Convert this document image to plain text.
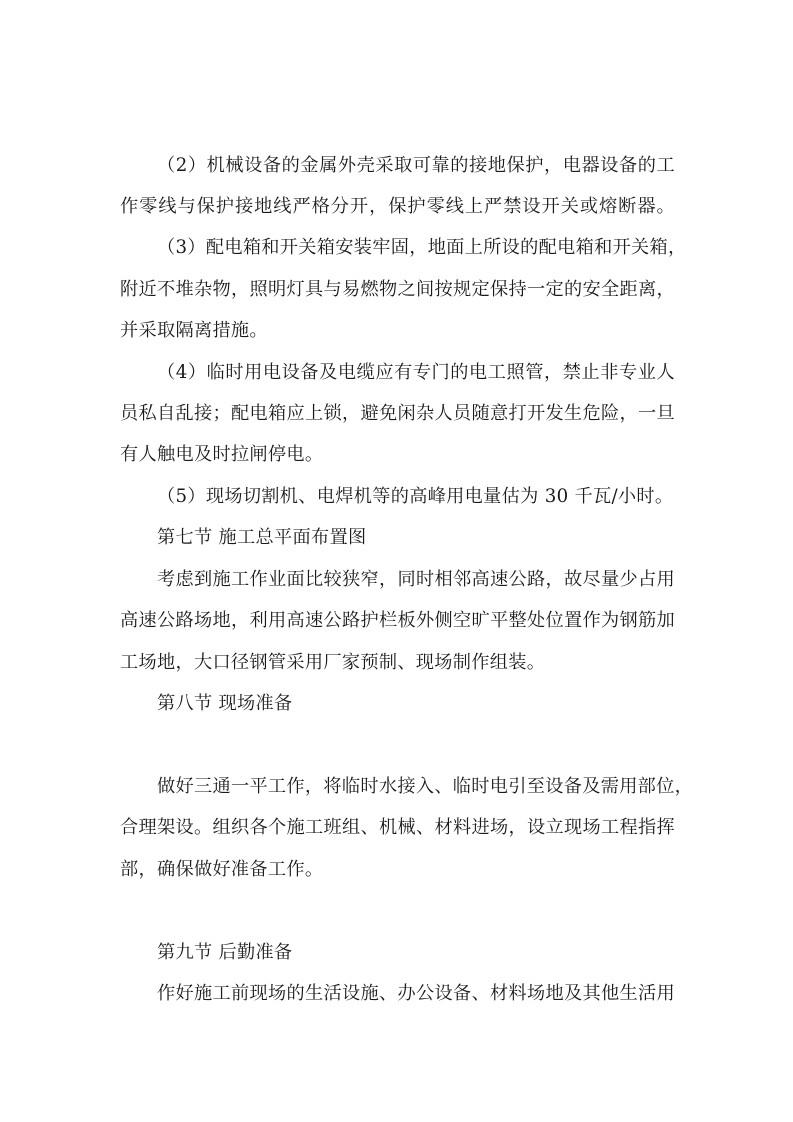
（2）机械设备的金属外壳采取可靠的接地保护，电器设备的工
作零线与保护接地线严格分开，保护零线上严禁设开关或熔断器。
（3）配电箱和开关箱安装牢固，地面上所设的配电箱和开关箱，
附近不堆杂物，照明灯具与易燃物之间按规定保持一定的安全距离，
并采取隔离措施。
（4）临时用电设备及电缆应有专门的电工照管，禁止非专业人
员私自乱接；配电箱应上锁，避免闲杂人员随意打开发生危险，一旦
有人触电及时拉闸停电。
（5）现场切割机、电焊机等的高峰用电量估为 30 千瓦/小时。
第七节 施工总平面布置图
考虑到施工作业面比较狭窄，同时相邻高速公路，故尽量少占用
高速公路场地，利用高速公路护栏板外侧空旷平整处位置作为钢筋加
工场地，大口径钢管采用厂家预制、现场制作组装。
第八节 现场准备
做好三通一平工作，将临时水接入、临时电引至设备及需用部位，
合理架设。组织各个施工班组、机械、材料进场，设立现场工程指挥
部，确保做好准备工作。
第九节 后勤准备
作好施工前现场的生活设施、办公设备、材料场地及其他生活用
